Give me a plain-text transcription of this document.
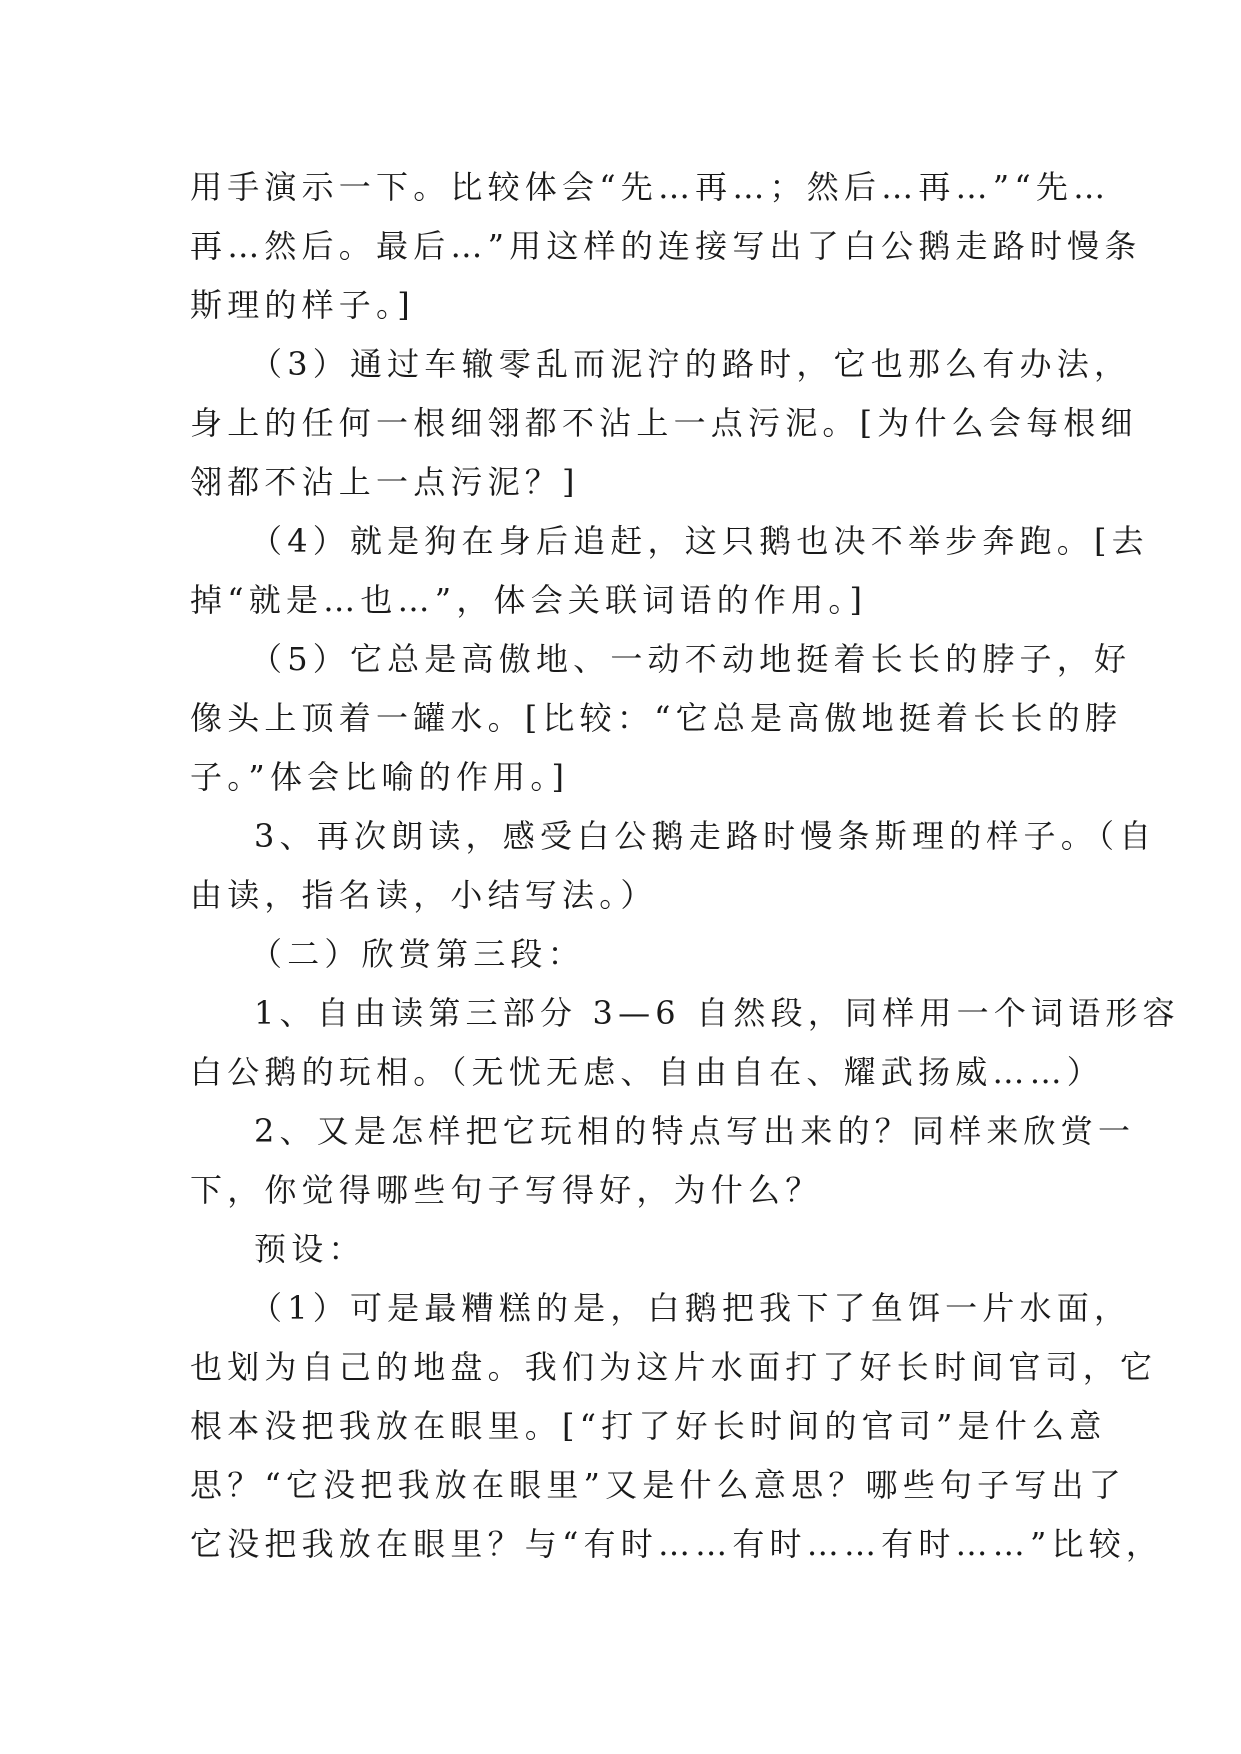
用手演示一下。比较体会“先…再…；然后…再…”“先…
再…然后。最后…”用这样的连接写出了白公鹅走路时慢条
斯理的样子。]

（3）通过车辙零乱而泥泞的路时，它也那么有办法，
身上的任何一根细翎都不沾上一点污泥。[为什么会每根细
翎都不沾上一点污泥？]

（4）就是狗在身后追赶，这只鹅也决不举步奔跑。[去
掉“就是…也…”，体会关联词语的作用。]

（5）它总是高傲地、一动不动地挺着长长的脖子，好
像头上顶着一罐水。[比较：“它总是高傲地挺着长长的脖
子。”体会比喻的作用。]

3、再次朗读，感受白公鹅走路时慢条斯理的样子。（自
由读，指名读，小结写法。）

（二）欣赏第三段：

1、自由读第三部分 3—6 自然段，同样用一个词语形容
白公鹅的玩相。（无忧无虑、自由自在、耀武扬威……）

2、又是怎样把它玩相的特点写出来的？同样来欣赏一
下，你觉得哪些句子写得好，为什么？

预设：

（1）可是最糟糕的是，白鹅把我下了鱼饵一片水面，
也划为自己的地盘。我们为这片水面打了好长时间官司，它
根本没把我放在眼里。[“打了好长时间的官司”是什么意
思？“它没把我放在眼里”又是什么意思？哪些句子写出了
它没把我放在眼里？与“有时……有时……有时……”比较，
